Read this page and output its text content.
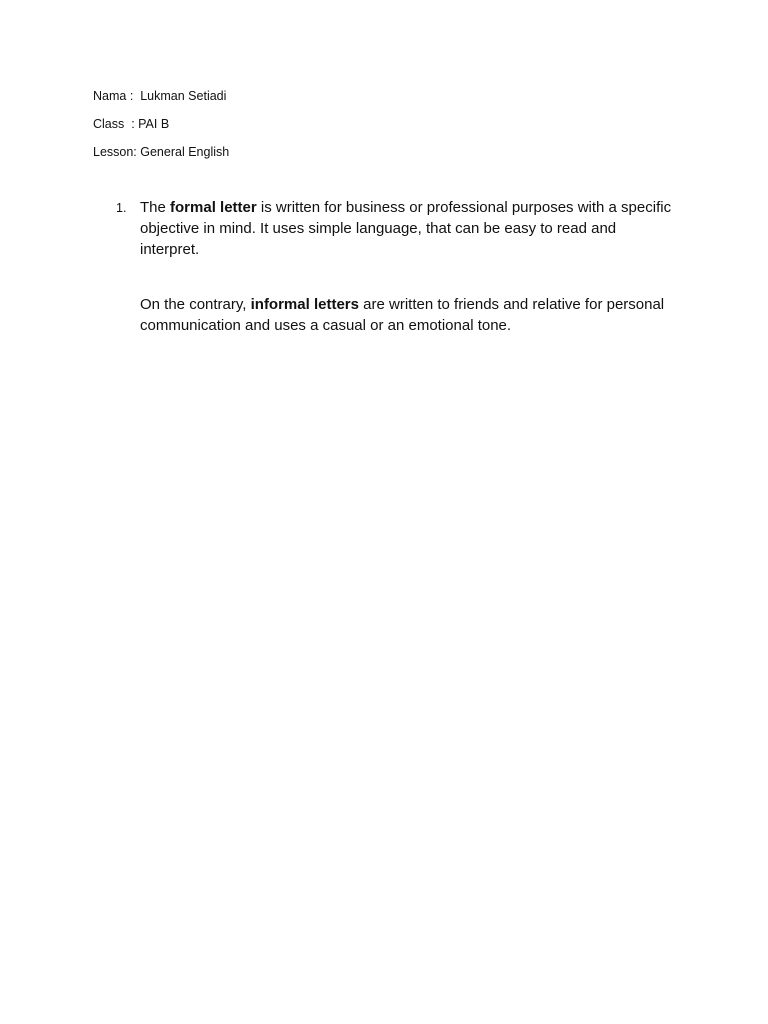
Nama :  Lukman Setiadi
Class  : PAI B
Lesson: General English
1. The formal letter is written for business or professional purposes with a specific objective in mind. It uses simple language, that can be easy to read and interpret.

On the contrary, informal letters are written to friends and relative for personal communication and uses a casual or an emotional tone.
